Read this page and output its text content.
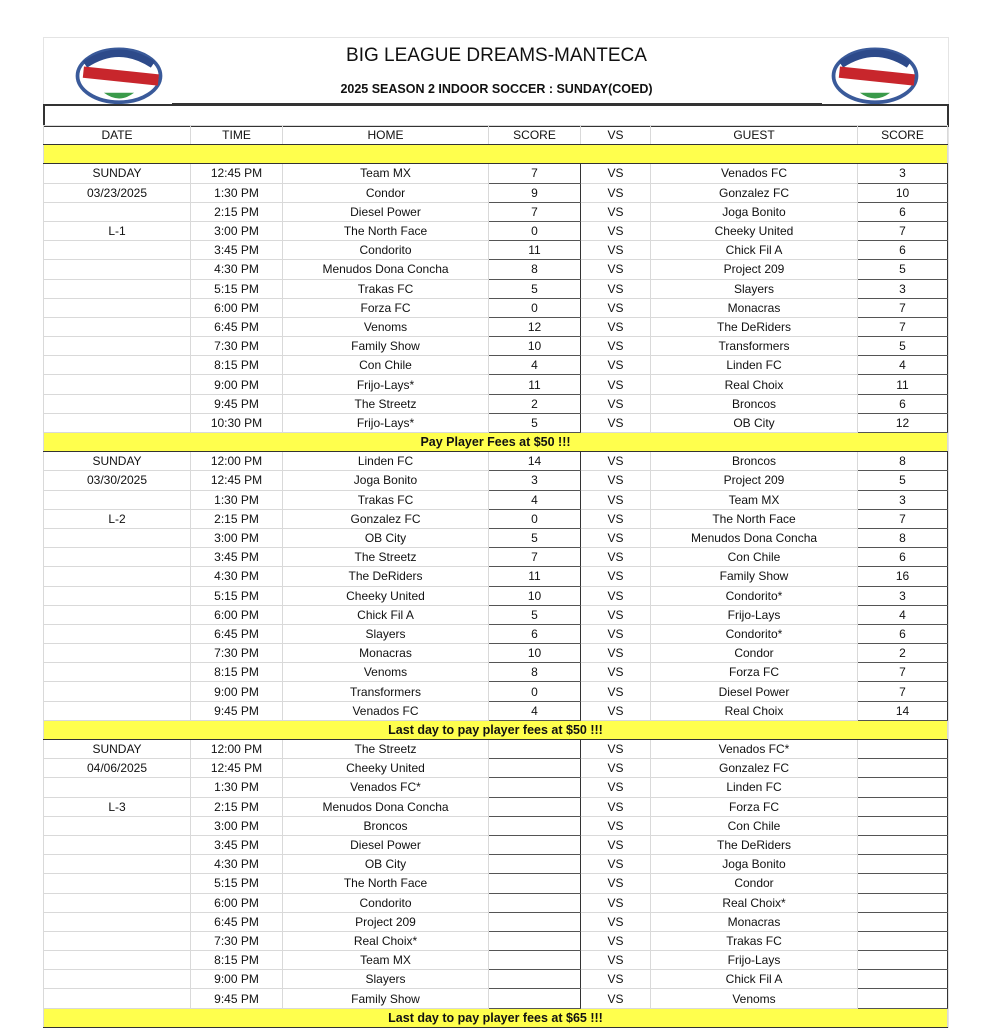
BIG LEAGUE DREAMS-MANTECA
2025 SEASON 2 INDOOR SOCCER : SUNDAY(COED)
DATE	TIME	HOME	SCORE	VS	GUEST	SCORE

SUNDAY	12:45 PM	Team MX	7	VS	Venados FC	3
03/23/2025	1:30 PM	Condor	9	VS	Gonzalez FC	10
	2:15 PM	Diesel Power	7	VS	Joga Bonito	6
L-1	3:00 PM	The North Face	0	VS	Cheeky United	7
	3:45 PM	Condorito	11	VS	Chick Fil A	6
	4:30 PM	Menudos Dona Concha	8	VS	Project 209	5
	5:15 PM	Trakas FC	5	VS	Slayers	3
	6:00 PM	Forza FC	0	VS	Monacras	7
	6:45 PM	Venoms	12	VS	The DeRiders	7
	7:30 PM	Family Show	10	VS	Transformers	5
	8:15 PM	Con Chile	4	VS	Linden FC	4
	9:00 PM	Frijo-Lays*	11	VS	Real Choix	11
	9:45 PM	The Streetz	2	VS	Broncos	6
	10:30 PM	Frijo-Lays*	5	VS	OB City	12
Pay Player Fees at $50 !!!						
SUNDAY	12:00 PM	Linden FC	14	VS	Broncos	8
03/30/2025	12:45 PM	Joga Bonito	3	VS	Project 209	5
	1:30 PM	Trakas FC	4	VS	Team MX	3
L-2	2:15 PM	Gonzalez FC	0	VS	The North Face	7
	3:00 PM	OB City	5	VS	Menudos Dona Concha	8
	3:45 PM	The Streetz	7	VS	Con Chile	6
	4:30 PM	The DeRiders	11	VS	Family Show	16
	5:15 PM	Cheeky United	10	VS	Condorito*	3
	6:00 PM	Chick Fil A	5	VS	Frijo-Lays	4
	6:45 PM	Slayers	6	VS	Condorito*	6
	7:30 PM	Monacras	10	VS	Condor	2
	8:15 PM	Venoms	8	VS	Forza FC	7
	9:00 PM	Transformers	0	VS	Diesel Power	7
	9:45 PM	Venados FC	4	VS	Real Choix	14
Last day to pay player fees at $50 !!!						
SUNDAY	12:00 PM	The Streetz		VS	Venados FC*	
04/06/2025	12:45 PM	Cheeky United		VS	Gonzalez FC	
	1:30 PM	Venados FC*		VS	Linden FC	
L-3	2:15 PM	Menudos Dona Concha		VS	Forza FC	
	3:00 PM	Broncos		VS	Con Chile	
	3:45 PM	Diesel Power		VS	The DeRiders	
	4:30 PM	OB City		VS	Joga Bonito	
	5:15 PM	The North Face		VS	Condor	
	6:00 PM	Condorito		VS	Real Choix*	
	6:45 PM	Project 209		VS	Monacras	
	7:30 PM	Real Choix*		VS	Trakas FC	
	8:15 PM	Team MX		VS	Frijo-Lays	
	9:00 PM	Slayers		VS	Chick Fil A	
	9:45 PM	Family Show		VS	Venoms	
Last day to pay player fees at $65 !!!						
